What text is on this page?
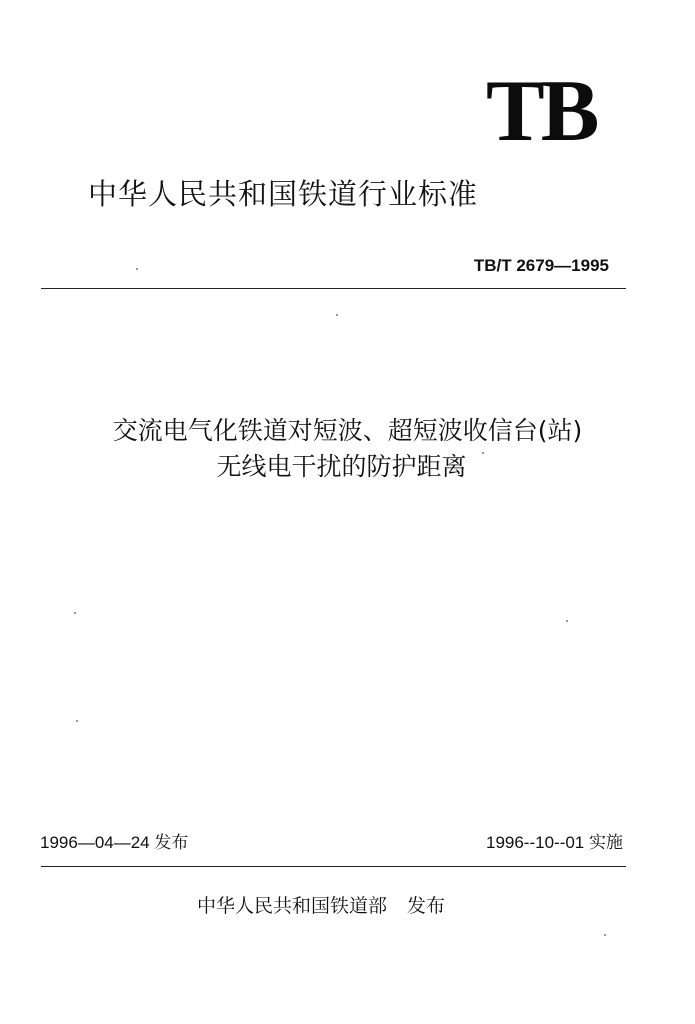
TB
中华人民共和国铁道行业标准
TB/T 2679—1995
交流电气化铁道对短波、超短波收信台(站)
无线电干扰的防护距离
1996—04—24 发布	1996--10--01 实施
中华人民共和国铁道部 发布
